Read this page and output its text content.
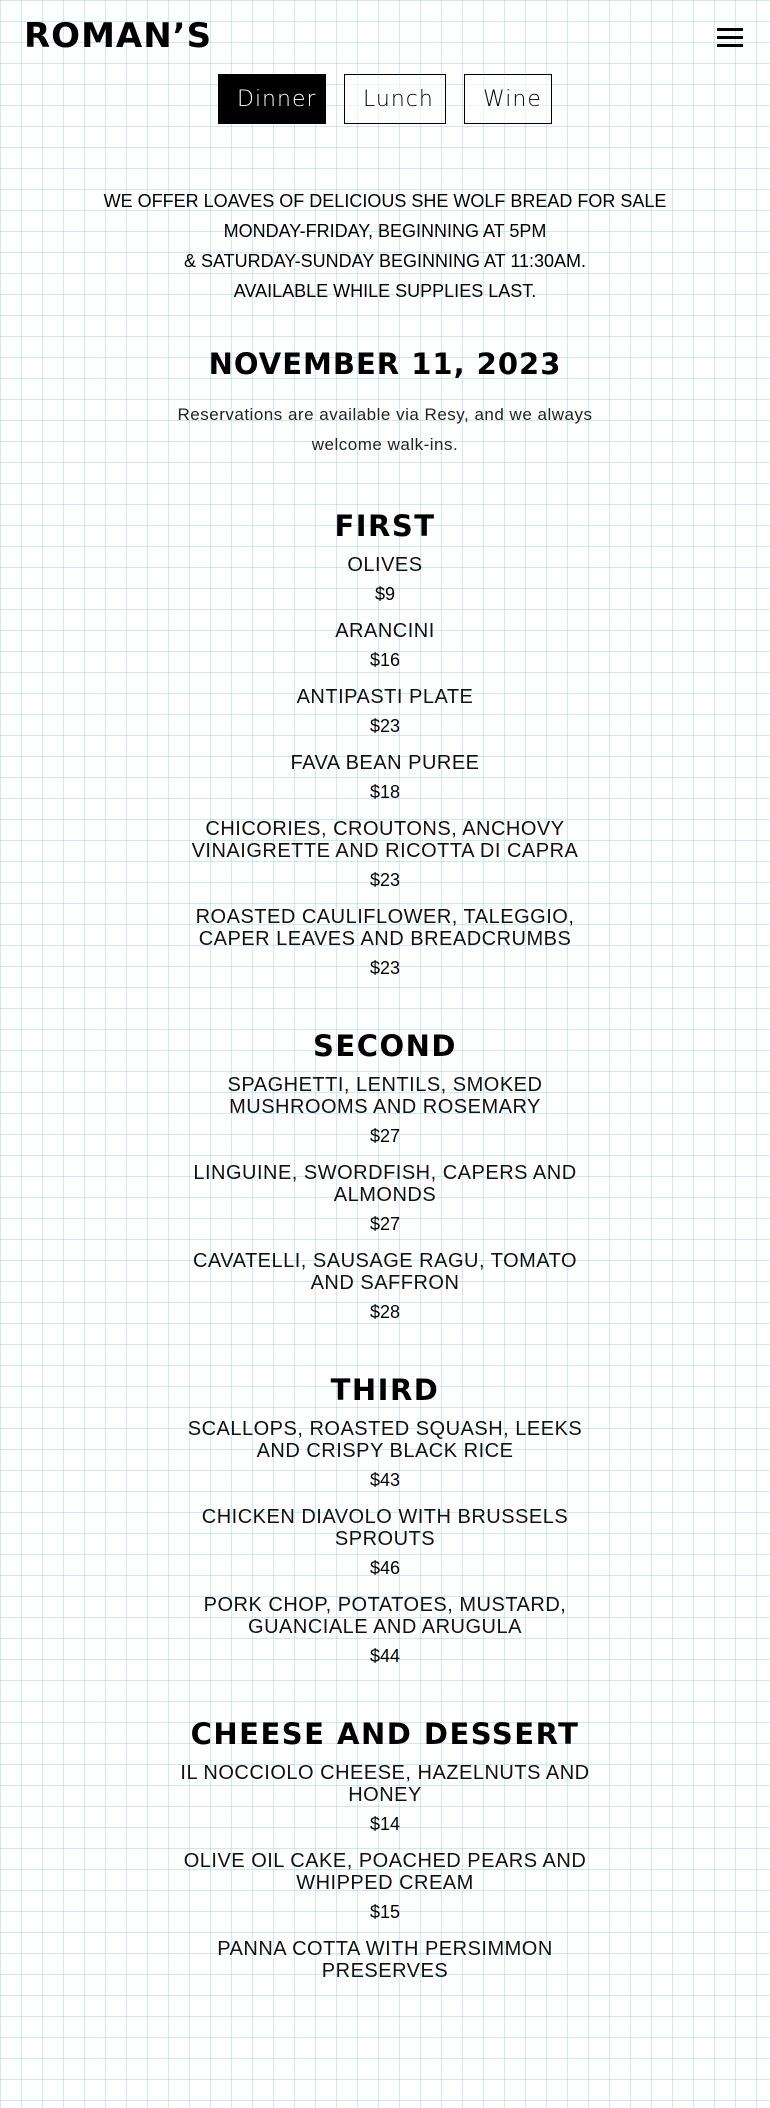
ROMAN’S
Dinner	Lunch	Wine

WE OFFER LOAVES OF DELICIOUS SHE WOLF BREAD FOR SALE

MONDAY-FRIDAY, BEGINNING AT 5PM

& SATURDAY-SUNDAY BEGINNING AT 11:30AM.

AVAILABLE WHILE SUPPLIES LAST.

NOVEMBER 11, 2023

Reservations are available via Resy, and we always welcome walk-ins.

FIRST
OLIVES
$9
ARANCINI
$16
ANTIPASTI PLATE
$23
FAVA BEAN PUREE
$18
CHICORIES, CROUTONS, ANCHOVY VINAIGRETTE AND RICOTTA DI CAPRA
$23
ROASTED CAULIFLOWER, TALEGGIO, CAPER LEAVES AND BREADCRUMBS
$23
SECOND
SPAGHETTI, LENTILS, SMOKED MUSHROOMS AND ROSEMARY
$27
LINGUINE, SWORDFISH, CAPERS AND ALMONDS
$27
CAVATELLI, SAUSAGE RAGU, TOMATO AND SAFFRON
$28
THIRD
SCALLOPS, ROASTED SQUASH, LEEKS AND CRISPY BLACK RICE
$43
CHICKEN DIAVOLO WITH BRUSSELS SPROUTS
$46
PORK CHOP, POTATOES, MUSTARD, GUANCIALE AND ARUGULA
$44
CHEESE AND DESSERT
IL NOCCIOLO CHEESE, HAZELNUTS AND HONEY
$14
OLIVE OIL CAKE, POACHED PEARS AND WHIPPED CREAM
$15
PANNA COTTA WITH PERSIMMON PRESERVES
